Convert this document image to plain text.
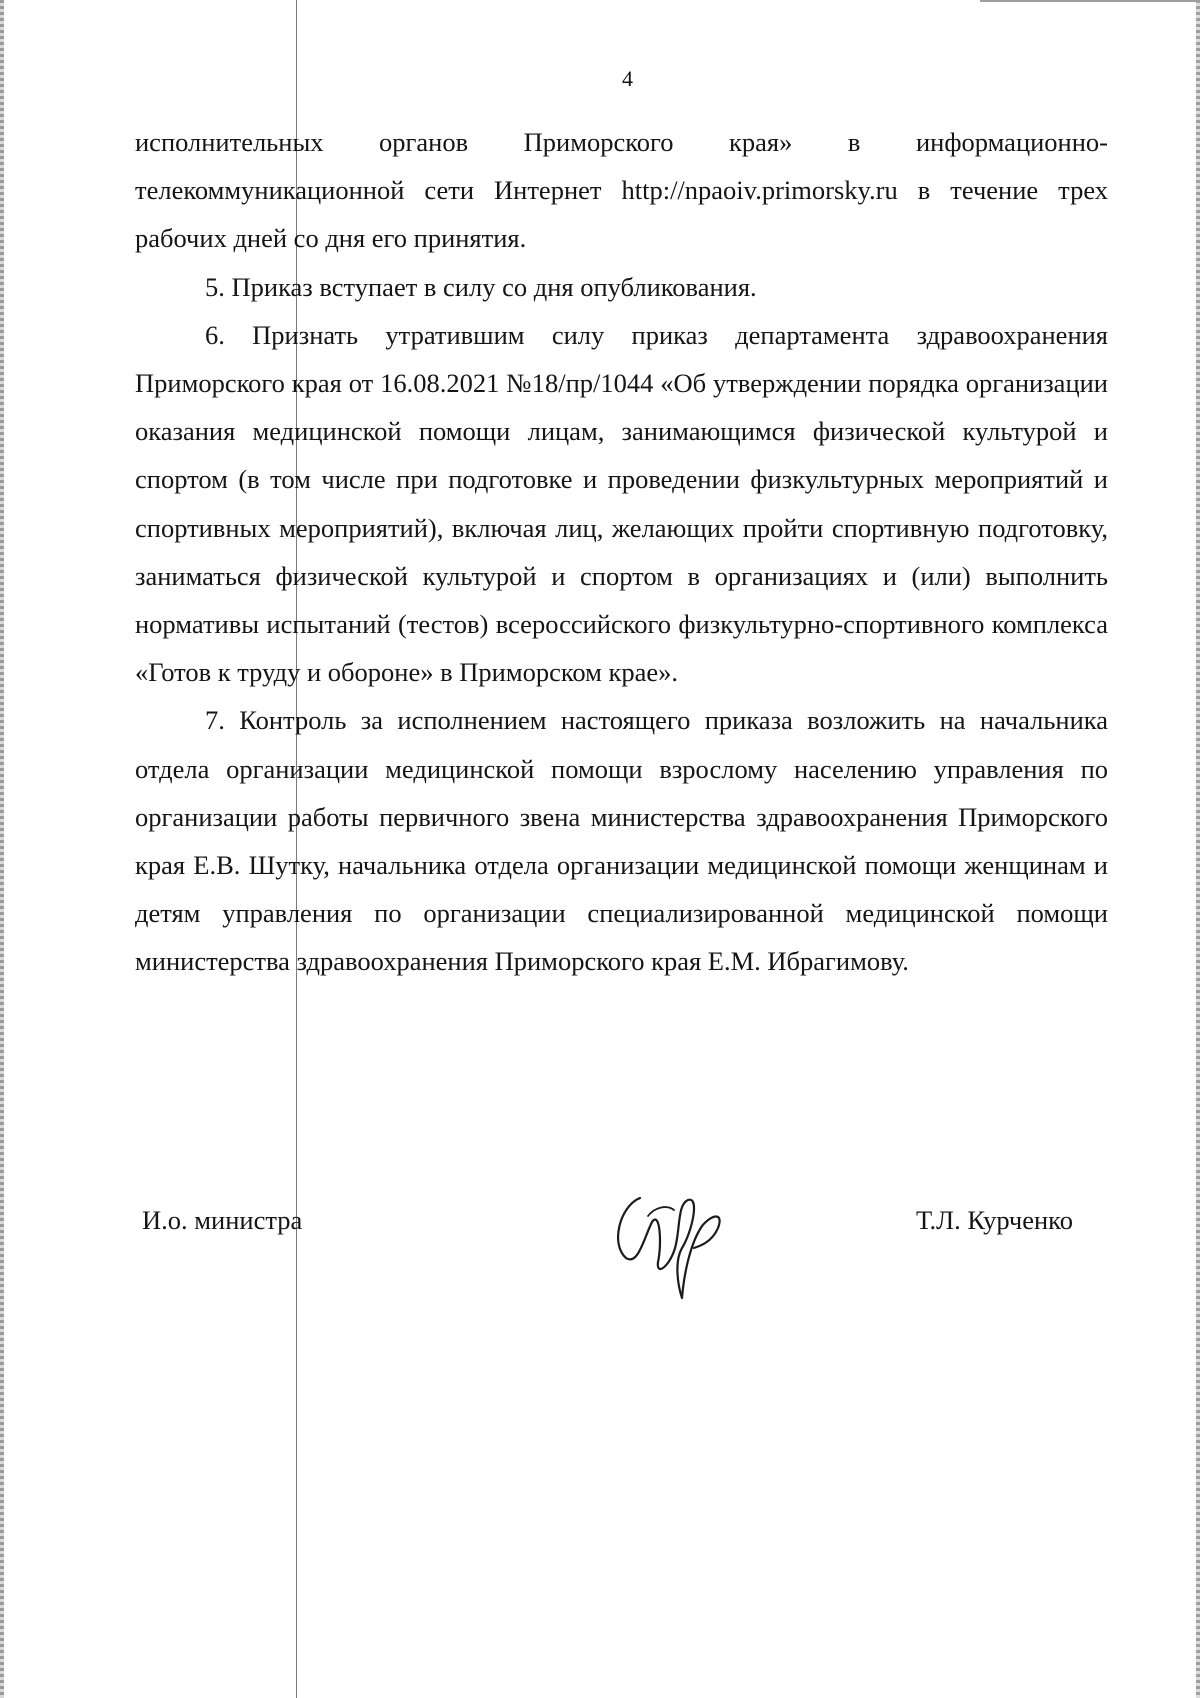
4

исполнительных органов Приморского края» в информационно-телекоммуникационной сети Интернет http://npaoiv.primorsky.ru в течение трех рабочих дней со дня его принятия.

5. Приказ вступает в силу со дня опубликования.

6. Признать утратившим силу приказ департамента здравоохранения Приморского края от 16.08.2021 №18/пр/1044 «Об утверждении порядка организации оказания медицинской помощи лицам, занимающимся физической культурой и спортом (в том числе при подготовке и проведении физкультурных мероприятий и спортивных мероприятий), включая лиц, желающих пройти спортивную подготовку, заниматься физической культурой и спортом в организациях и (или) выполнить нормативы испытаний (тестов) всероссийского физкультурно-спортивного комплекса «Готов к труду и обороне» в Приморском крае».

7. Контроль за исполнением настоящего приказа возложить на начальника отдела организации медицинской помощи взрослому населению управления по организации работы первичного звена министерства здравоохранения Приморского края Е.В. Шутку, начальника отдела организации медицинской помощи женщинам и детям управления по организации специализированной медицинской помощи министерства здравоохранения Приморского края Е.М. Ибрагимову.

И.о. министра	Т.Л. Курченко
